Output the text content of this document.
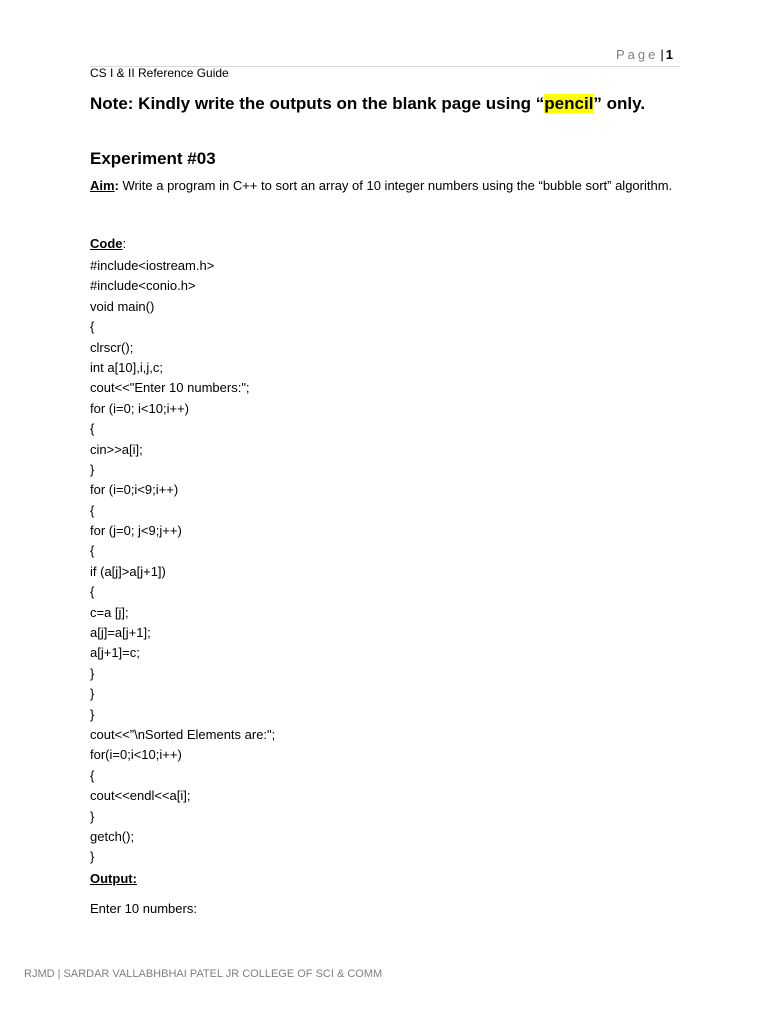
Page | 1
CS I & II Reference Guide
Note: Kindly write the outputs on the blank page using “pencil” only.
Experiment #03
Aim: Write a program in C++ to sort an array of 10 integer numbers using the “bubble sort” algorithm.
Code:
#include<iostream.h>
#include<conio.h>
void main()
{
clrscr();
int a[10],i,j,c;
cout<<"Enter 10 numbers:";
for (i=0; i<10;i++)
{
cin>>a[i];
}
for (i=0;i<9;i++)
{
for (j=0; j<9;j++)
{
if (a[j]>a[j+1])
{
c=a [j];
a[j]=a[j+1];
a[j+1]=c;
}
}
}
cout<<”\nSorted Elements are:";
for(i=0;i<10;i++)
{
cout<<endl<<a[i];
}
getch();
}
Output:
Enter 10 numbers:
RJMD | SARDAR VALLABHBHAI PATEL JR COLLEGE OF SCI & COMM
